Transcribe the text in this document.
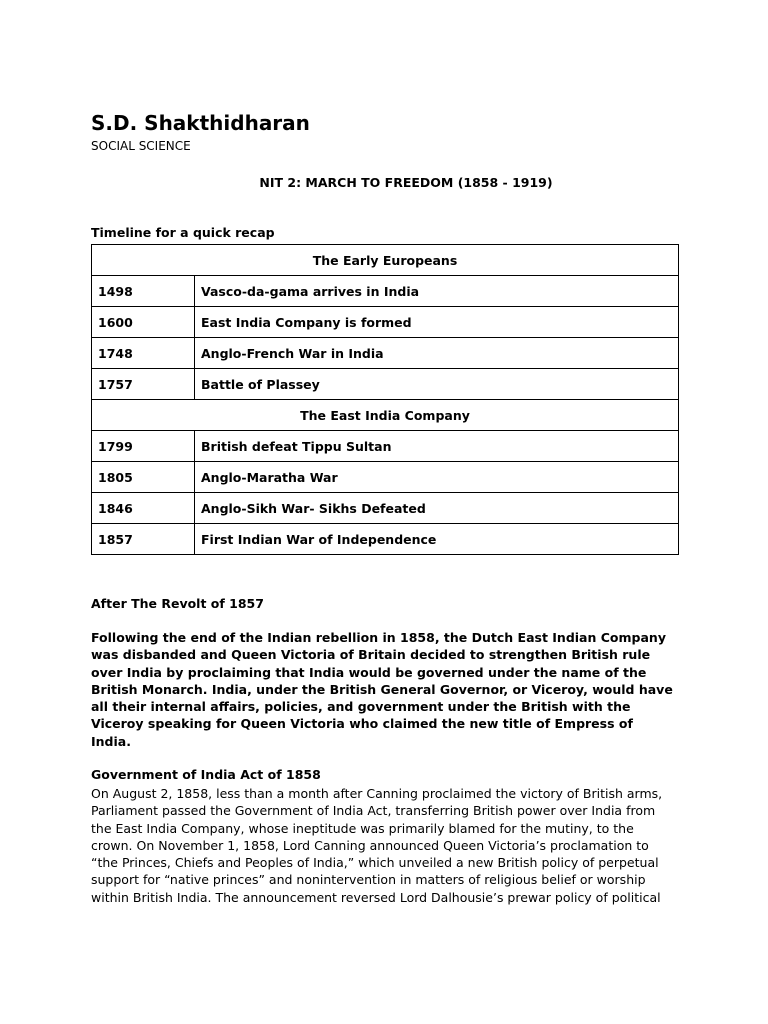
S.D. Shakthidharan
SOCIAL SCIENCE
NIT 2: MARCH TO FREEDOM (1858 - 1919)
Timeline for a quick recap
The Early Europeans	
1498	Vasco-da-gama arrives in India
1600	East India Company is formed
1748	Anglo-French War in India
1757	Battle of Plassey
The East India Company	
1799	British defeat Tippu Sultan
1805	Anglo-Maratha War
1846	Anglo-Sikh War- Sikhs Defeated
1857	First Indian War of Independence
After The Revolt of 1857

Following the end of the Indian rebellion in 1858, the Dutch East Indian Company
was disbanded and Queen Victoria of Britain decided to strengthen British rule
over India by proclaiming that India would be governed under the name of the
British Monarch. India, under the British General Governor, or Viceroy, would have
all their internal affairs, policies, and government under the British with the
Viceroy speaking for Queen Victoria who claimed the new title of Empress of
India.

Government of India Act of 1858

On August 2, 1858, less than a month after Canning proclaimed the victory of British arms,
Parliament passed the Government of India Act, transferring British power over India from
the East India Company, whose ineptitude was primarily blamed for the mutiny, to the
crown. On November 1, 1858, Lord Canning announced Queen Victoria’s proclamation to
“the Princes, Chiefs and Peoples of India,” which unveiled a new British policy of perpetual
support for “native princes” and nonintervention in matters of religious belief or worship
within British India. The announcement reversed Lord Dalhousie’s prewar policy of political
